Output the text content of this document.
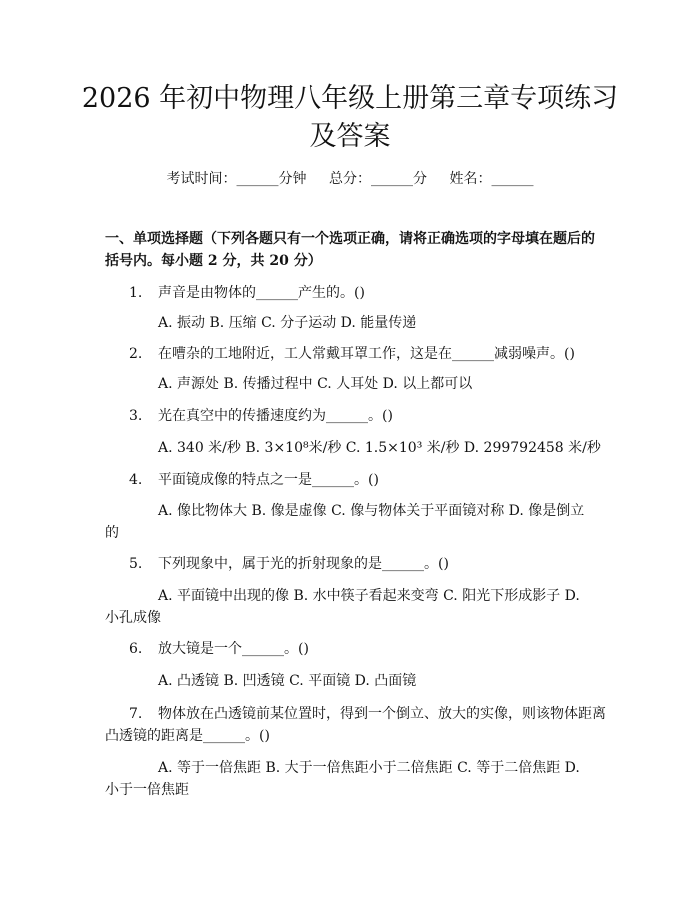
2026 年初中物理八年级上册第三章专项练习
及答案
考试时间：______分钟 总分：______分 姓名：______

一、单项选择题（下列各题只有一个选项正确，请将正确选项的字母填在题后的
括号内。每小题 2 分，共 20 分）

1. 声音是由物体的______产生的。()
A. 振动 B. 压缩 C. 分子运动 D. 能量传递
2. 在嘈杂的工地附近，工人常戴耳罩工作，这是在______减弱噪声。()
A. 声源处 B. 传播过程中 C. 人耳处 D. 以上都可以
3. 光在真空中的传播速度约为______。()
A. 340 米/秒 B. 3×10⁸米/秒 C. 1.5×10³ 米/秒 D. 299792458 米/秒
4. 平面镜成像的特点之一是______。()
A. 像比物体大 B. 像是虚像 C. 像与物体关于平面镜对称 D. 像是倒立
的
5. 下列现象中，属于光的折射现象的是______。()
A. 平面镜中出现的像 B. 水中筷子看起来变弯 C. 阳光下形成影子 D.
小孔成像
6. 放大镜是一个______。()
A. 凸透镜 B. 凹透镜 C. 平面镜 D. 凸面镜
7. 物体放在凸透镜前某位置时，得到一个倒立、放大的实像，则该物体距离
凸透镜的距离是______。()
A. 等于一倍焦距 B. 大于一倍焦距小于二倍焦距 C. 等于二倍焦距 D.
小于一倍焦距
